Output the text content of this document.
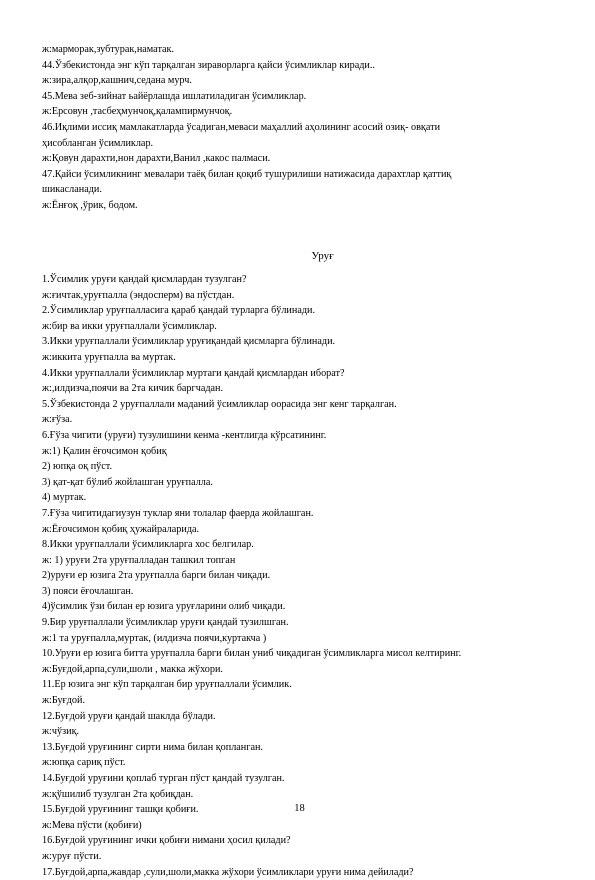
ж:марморак,зубтурак,наматак.
44.Ўзбекистонда энг кўп тарқалган зираворларга қайси ўсимликлар киради..
ж:зира,алқор,кашнич,седана мурч.
45.Мева зеб-зийнат ьайёрлашда ишлатиладиган ўсимликлар.
ж:Ерсовун ,тасбеҳмунчоқ,қалампирмунчоқ.
46.Иқлими иссиқ мамлакатларда ўсадиган,меваси маҳаллий аҳолининг асосий озиқ- овқати
ҳисобланган ўсимликлар.
ж:Қовун дарахти,нон дарахти,Ванил ,какос палмаси.
47.Қайси ўсимликнинг мевалари таёқ билан қоқиб тушурилиши натижасида дарахтлар қаттиқ
шикасланади.
ж:Ёнғоқ ,ўрик, бодом.
Уруғ
1.Ўсимлик уруғи қандай қисмлардан тузулган?
ж:ғичтак,уруғпалла (эндосперм) ва пўстдан.
2.Ўсимликлар уруғпалласига қараб қандай турларга бўлинади.
ж:бир ва икки уруғпаллали ўсимликлар.
3.Икки уруғпаллали ўсимликлар уруғиқандай қисмларга бўлинади.
ж:иккита уруғпалла ва муртак.
4.Икки уруғпаллали ўсимликлар муртаги қандай қисмлардан иборат?
ж:,илдизча,поячи ва 2та кичик баргчадан.
5.Ўзбекистонда 2 уруғпаллали маданий ўсимликлар оорасида энг кенг тарқалган.
ж:ғўза.
6.Ғўза чигити (уруғи) тузулишини кенма -кентлигда кўрсатининг.
ж:1) Қалин ёғочсимон қобиқ
2) юпқа оқ пўст.
3) қат-қат бўлиб жойлашган уруғпалла.
4) муртак.
7.Ғўза чигитидагиузун туклар яни толалар фаерда жойлашган.
ж:Ёғочсимон қобиқ ҳужайраларида.
8.Икки уруғпаллали ўсимликларга хос белгилар.
ж: 1) уруғи 2та уруғпалладан ташкил топган
2)уруғи ер юзига 2та уруғпалла барги билан чиқади.
3) пояси ёғочлашган.
4)ўсимлик ўзи билан ер юзига уруғларини олиб чиқади.
9.Бир уруғпаллали ўсимликлар уруғи қандай тузилшган.
ж:1 та уруғпалла,муртак, (илдизча поячи,куртакча )
10.Уруғи ер юзига битта уруғпалла барги билан униб чиқадиган ўсимликларга мисол келтиринг.
ж:Буғдой,арпа,сули,шоли , макка жўхори.
11.Ер юзига энг кўп тарқалган бир уруғпаллали ўсимлик.
ж:Буғдой.
12.Буғдой уруғи қандай шаклда бўлади.
ж:чўзиқ.
13.Буғдой уруғининг сирти нима билан қопланган.
ж:юпқа сариқ пўст.
14.Буғдой уруғини қоплаб турган пўст қандай тузулган.
ж:қўшилиб тузулган 2та қобиқдан.
15.Буғдой уруғининг ташқи қобиғи.
ж:Мева пўсти (қобиғи)
16.Буғдой уруғининг ички қобиғи нимани ҳосил қилади?
ж:уруғ пўсти.
17.Буғдой,арпа,жавдар ,сули,шоли,макка жўхори ўсимликлари уруғи нима дейилади?
18
